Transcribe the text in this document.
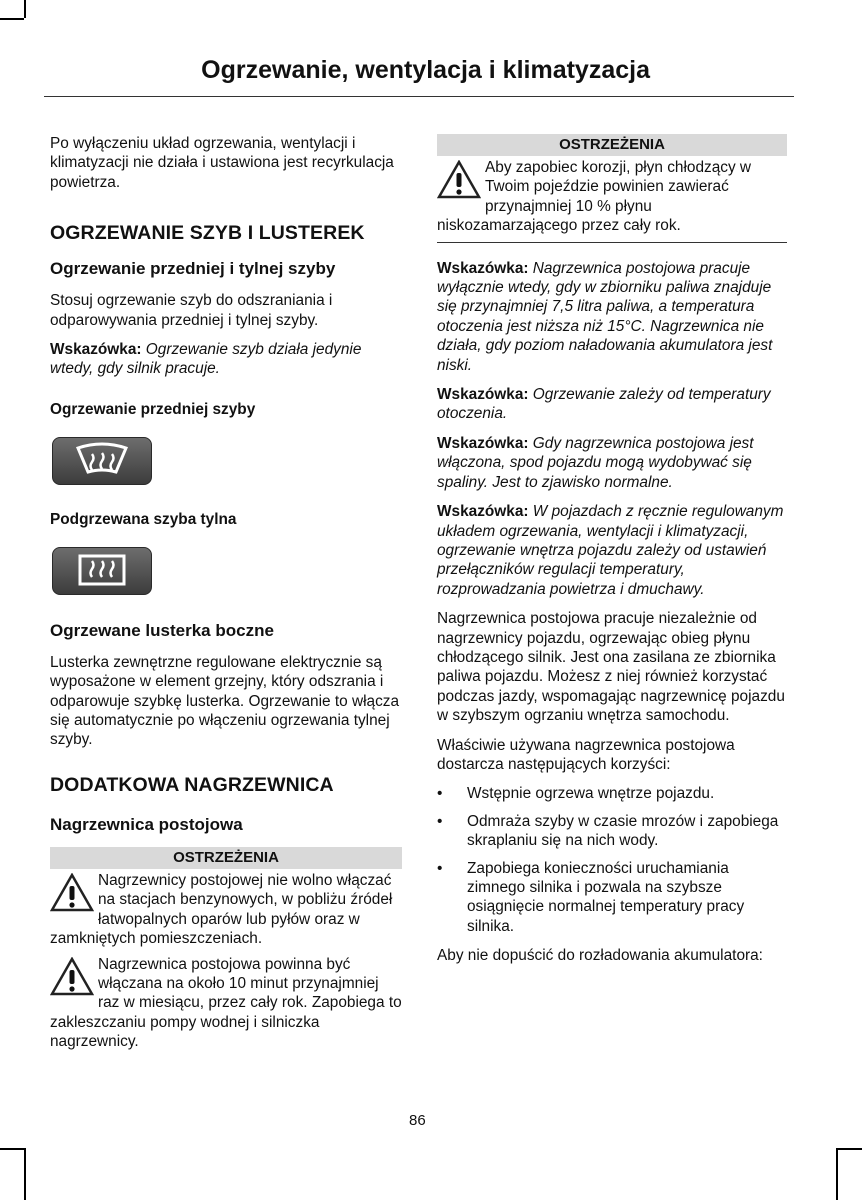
Ogrzewanie, wentylacja i klimatyzacja

Po wyłączeniu układ ogrzewania, wentylacji i klimatyzacji nie działa i ustawiona jest recyrkulacja powietrza.

OGRZEWANIE SZYB I LUSTEREK
Ogrzewanie przedniej i tylnej szyby

Stosuj ogrzewanie szyb do odszraniania i odparowywania przedniej i tylnej szyby.

Wskazówka: Ogrzewanie szyb działa jedynie wtedy, gdy silnik pracuje.

Ogrzewanie przedniej szyby
Podgrzewana szyba tylna
Ogrzewane lusterka boczne

Lusterka zewnętrzne regulowane elektrycznie są wyposażone w element grzejny, który odszrania i odparowuje szybkę lusterka. Ogrzewanie to włącza się automatycznie po włączeniu ogrzewania tylnej szyby.

DODATKOWA NAGRZEWNICA
Nagrzewnica postojowa
OSTRZEŻENIA
Nagrzewnicy postojowej nie wolno włączać na stacjach benzynowych, w pobliżu źródeł łatwopalnych oparów lub pyłów oraz w zamkniętych pomieszczeniach.
Nagrzewnica postojowa powinna być włączana na około 10 minut przynajmniej raz w miesiącu, przez cały rok. Zapobiega to zakleszczaniu pompy wodnej i silniczka nagrzewnicy.
OSTRZEŻENIA
Aby zapobiec korozji, płyn chłodzący w Twoim pojeździe powinien zawierać przynajmniej 10 % płynu niskozamarzającego przez cały rok.

Wskazówka: Nagrzewnica postojowa pracuje wyłącznie wtedy, gdy w zbiorniku paliwa znajduje się przynajmniej 7,5 litra paliwa, a temperatura otoczenia jest niższa niż 15°C. Nagrzewnica nie działa, gdy poziom naładowania akumulatora jest niski.

Wskazówka: Ogrzewanie zależy od temperatury otoczenia.

Wskazówka: Gdy nagrzewnica postojowa jest włączona, spod pojazdu mogą wydobywać się spaliny. Jest to zjawisko normalne.

Wskazówka: W pojazdach z ręcznie regulowanym układem ogrzewania, wentylacji i klimatyzacji, ogrzewanie wnętrza pojazdu zależy od ustawień przełączników regulacji temperatury, rozprowadzania powietrza i dmuchawy.

Nagrzewnica postojowa pracuje niezależnie od nagrzewnicy pojazdu, ogrzewając obieg płynu chłodzącego silnik. Jest ona zasilana ze zbiornika paliwa pojazdu. Możesz z niej również korzystać podczas jazdy, wspomagając nagrzewnicę pojazdu w szybszym ogrzaniu wnętrza samochodu.

Właściwie używana nagrzewnica postojowa dostarcza następujących korzyści:

• Wstępnie ogrzewa wnętrze pojazdu.
• Odmraża szyby w czasie mrozów i zapobiega skraplaniu się na nich wody.
• Zapobiega konieczności uruchamiania zimnego silnika i pozwala na szybsze osiągnięcie normalnej temperatury pracy silnika.

Aby nie dopuścić do rozładowania akumulatora:

86
